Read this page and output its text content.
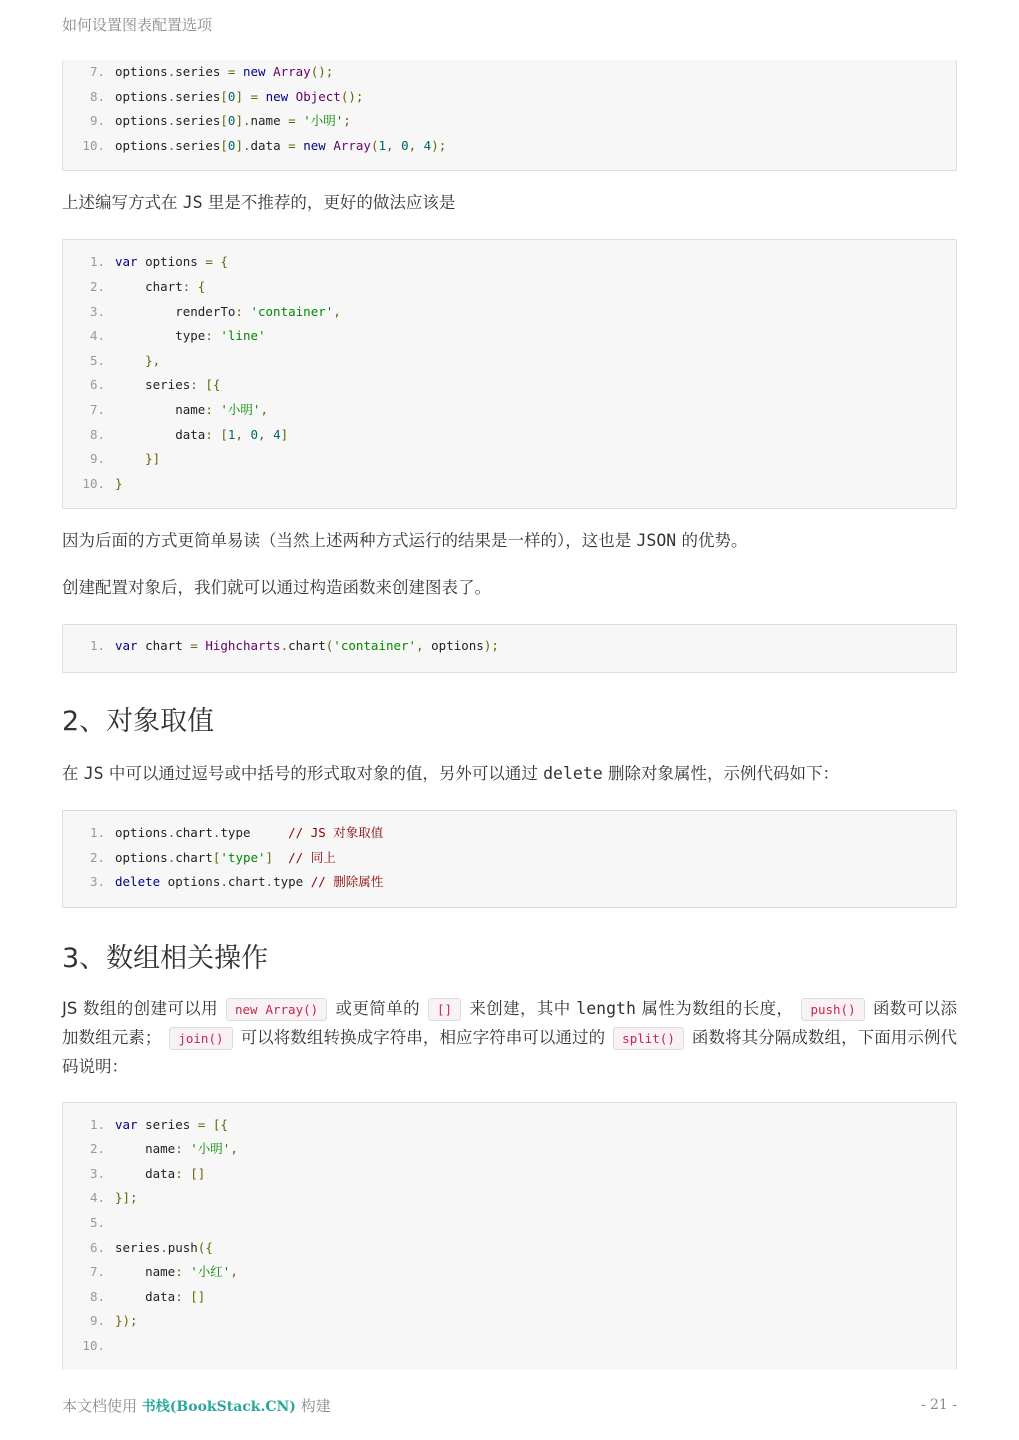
如何设置图表配置选项
7. options.series = new Array();
8. options.series[0] = new Object();
9. options.series[0].name = '小明';
10. options.series[0].data = new Array(1, 0, 4);
上述编写方式在 JS 里是不推荐的，更好的做法应该是
1. var options = {
2.    chart: {
3.        renderTo: 'container',
4.        type: 'line'
5.	},
6.    series: [{
7.        name: '小明',
8.        data: [1, 0, 4]
9.	}]
10. }
因为后面的方式更简单易读（当然上述两种方式运行的结果是一样的），这也是 JSON 的优势。
创建配置对象后，我们就可以通过构造函数来创建图表了。
1. var chart = Highcharts.chart('container', options);
2、对象取值
在 JS 中可以通过逗号或中括号的形式取对象的值，另外可以通过 delete 删除对象属性，示例代码如下：
1. options.chart.type     // JS 对象取值
2. options.chart['type'] // 同上
3. delete options.chart.type // 删除属性
3、数组相关操作
JS 数组的创建可以用 new Array() 或更简单的 [] 来创建，其中 length 属性为数组的长度， push() 函数可以添加数组元素； join() 可以将数组转换成字符串，相应字符串可以通过的 split() 函数将其分隔成数组，下面用示例代码说明：
1. var series = [{
2.    name: '小明',
3.    data: []
4. }];
5.
6. series.push({
7.    name: '小红',
8.    data: []
9. });
10.
本文档使用 书栈(BookStack.CN) 构建	- 21 -
